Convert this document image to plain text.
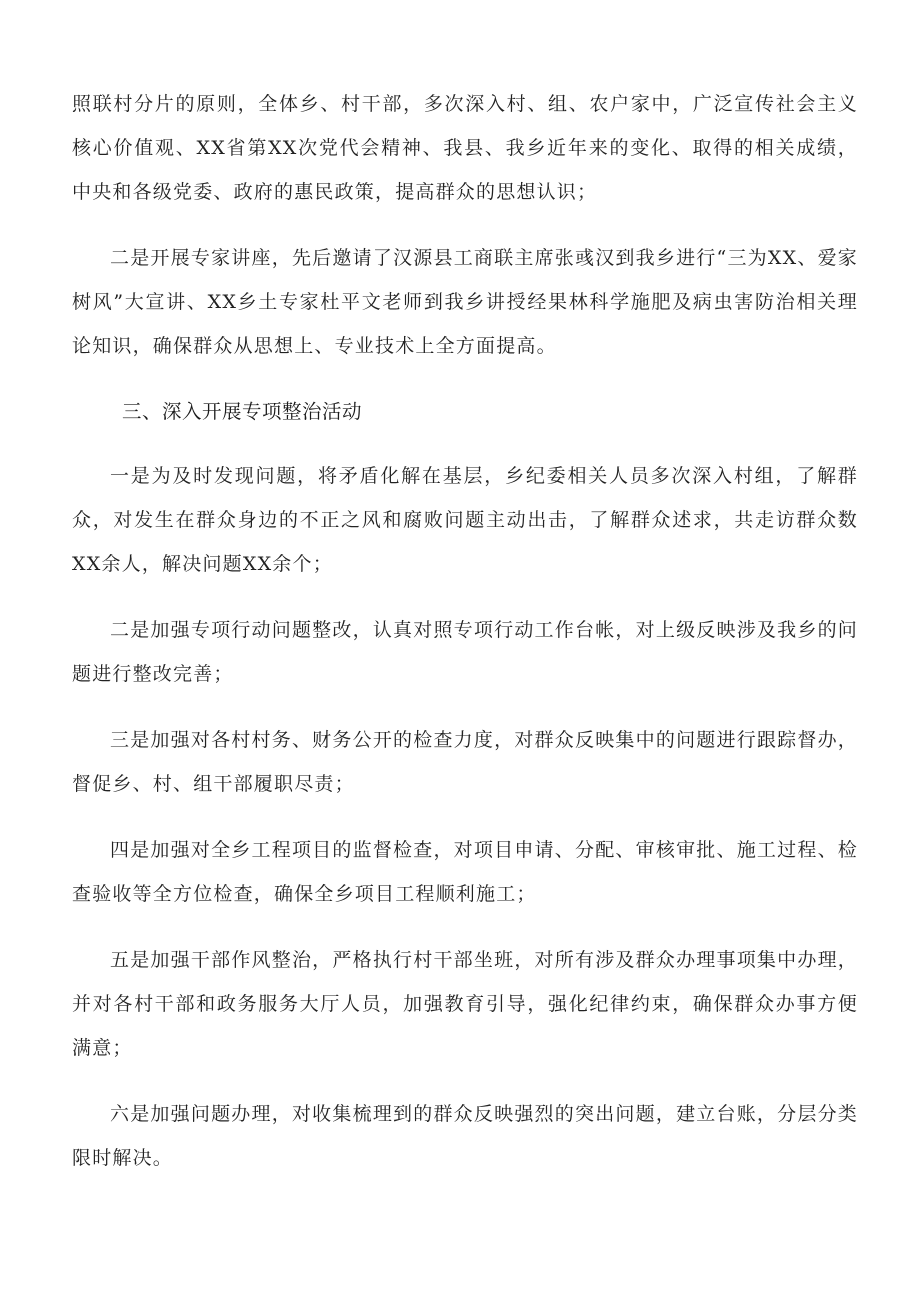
照联村分片的原则，全体乡、村干部，多次深入村、组、农户家中，广泛宣传社会主义核心价值观、XX省第XX次党代会精神、我县、我乡近年来的变化、取得的相关成绩，中央和各级党委、政府的惠民政策，提高群众的思想认识；

二是开展专家讲座，先后邀请了汉源县工商联主席张彧汉到我乡进行“三为XX、爱家树风”大宣讲、XX乡土专家杜平文老师到我乡讲授经果林科学施肥及病虫害防治相关理论知识，确保群众从思想上、专业技术上全方面提高。

三、深入开展专项整治活动

一是为及时发现问题，将矛盾化解在基层，乡纪委相关人员多次深入村组，了解群众，对发生在群众身边的不正之风和腐败问题主动出击，了解群众述求，共走访群众数XX余人，解决问题XX余个；

二是加强专项行动问题整改，认真对照专项行动工作台帐，对上级反映涉及我乡的问题进行整改完善；

三是加强对各村村务、财务公开的检查力度，对群众反映集中的问题进行跟踪督办，督促乡、村、组干部履职尽责；

四是加强对全乡工程项目的监督检查，对项目申请、分配、审核审批、施工过程、检查验收等全方位检查，确保全乡项目工程顺利施工；

五是加强干部作风整治，严格执行村干部坐班，对所有涉及群众办理事项集中办理，并对各村干部和政务服务大厅人员，加强教育引导，强化纪律约束，确保群众办事方便满意；

六是加强问题办理，对收集梳理到的群众反映强烈的突出问题，建立台账，分层分类限时解决。
